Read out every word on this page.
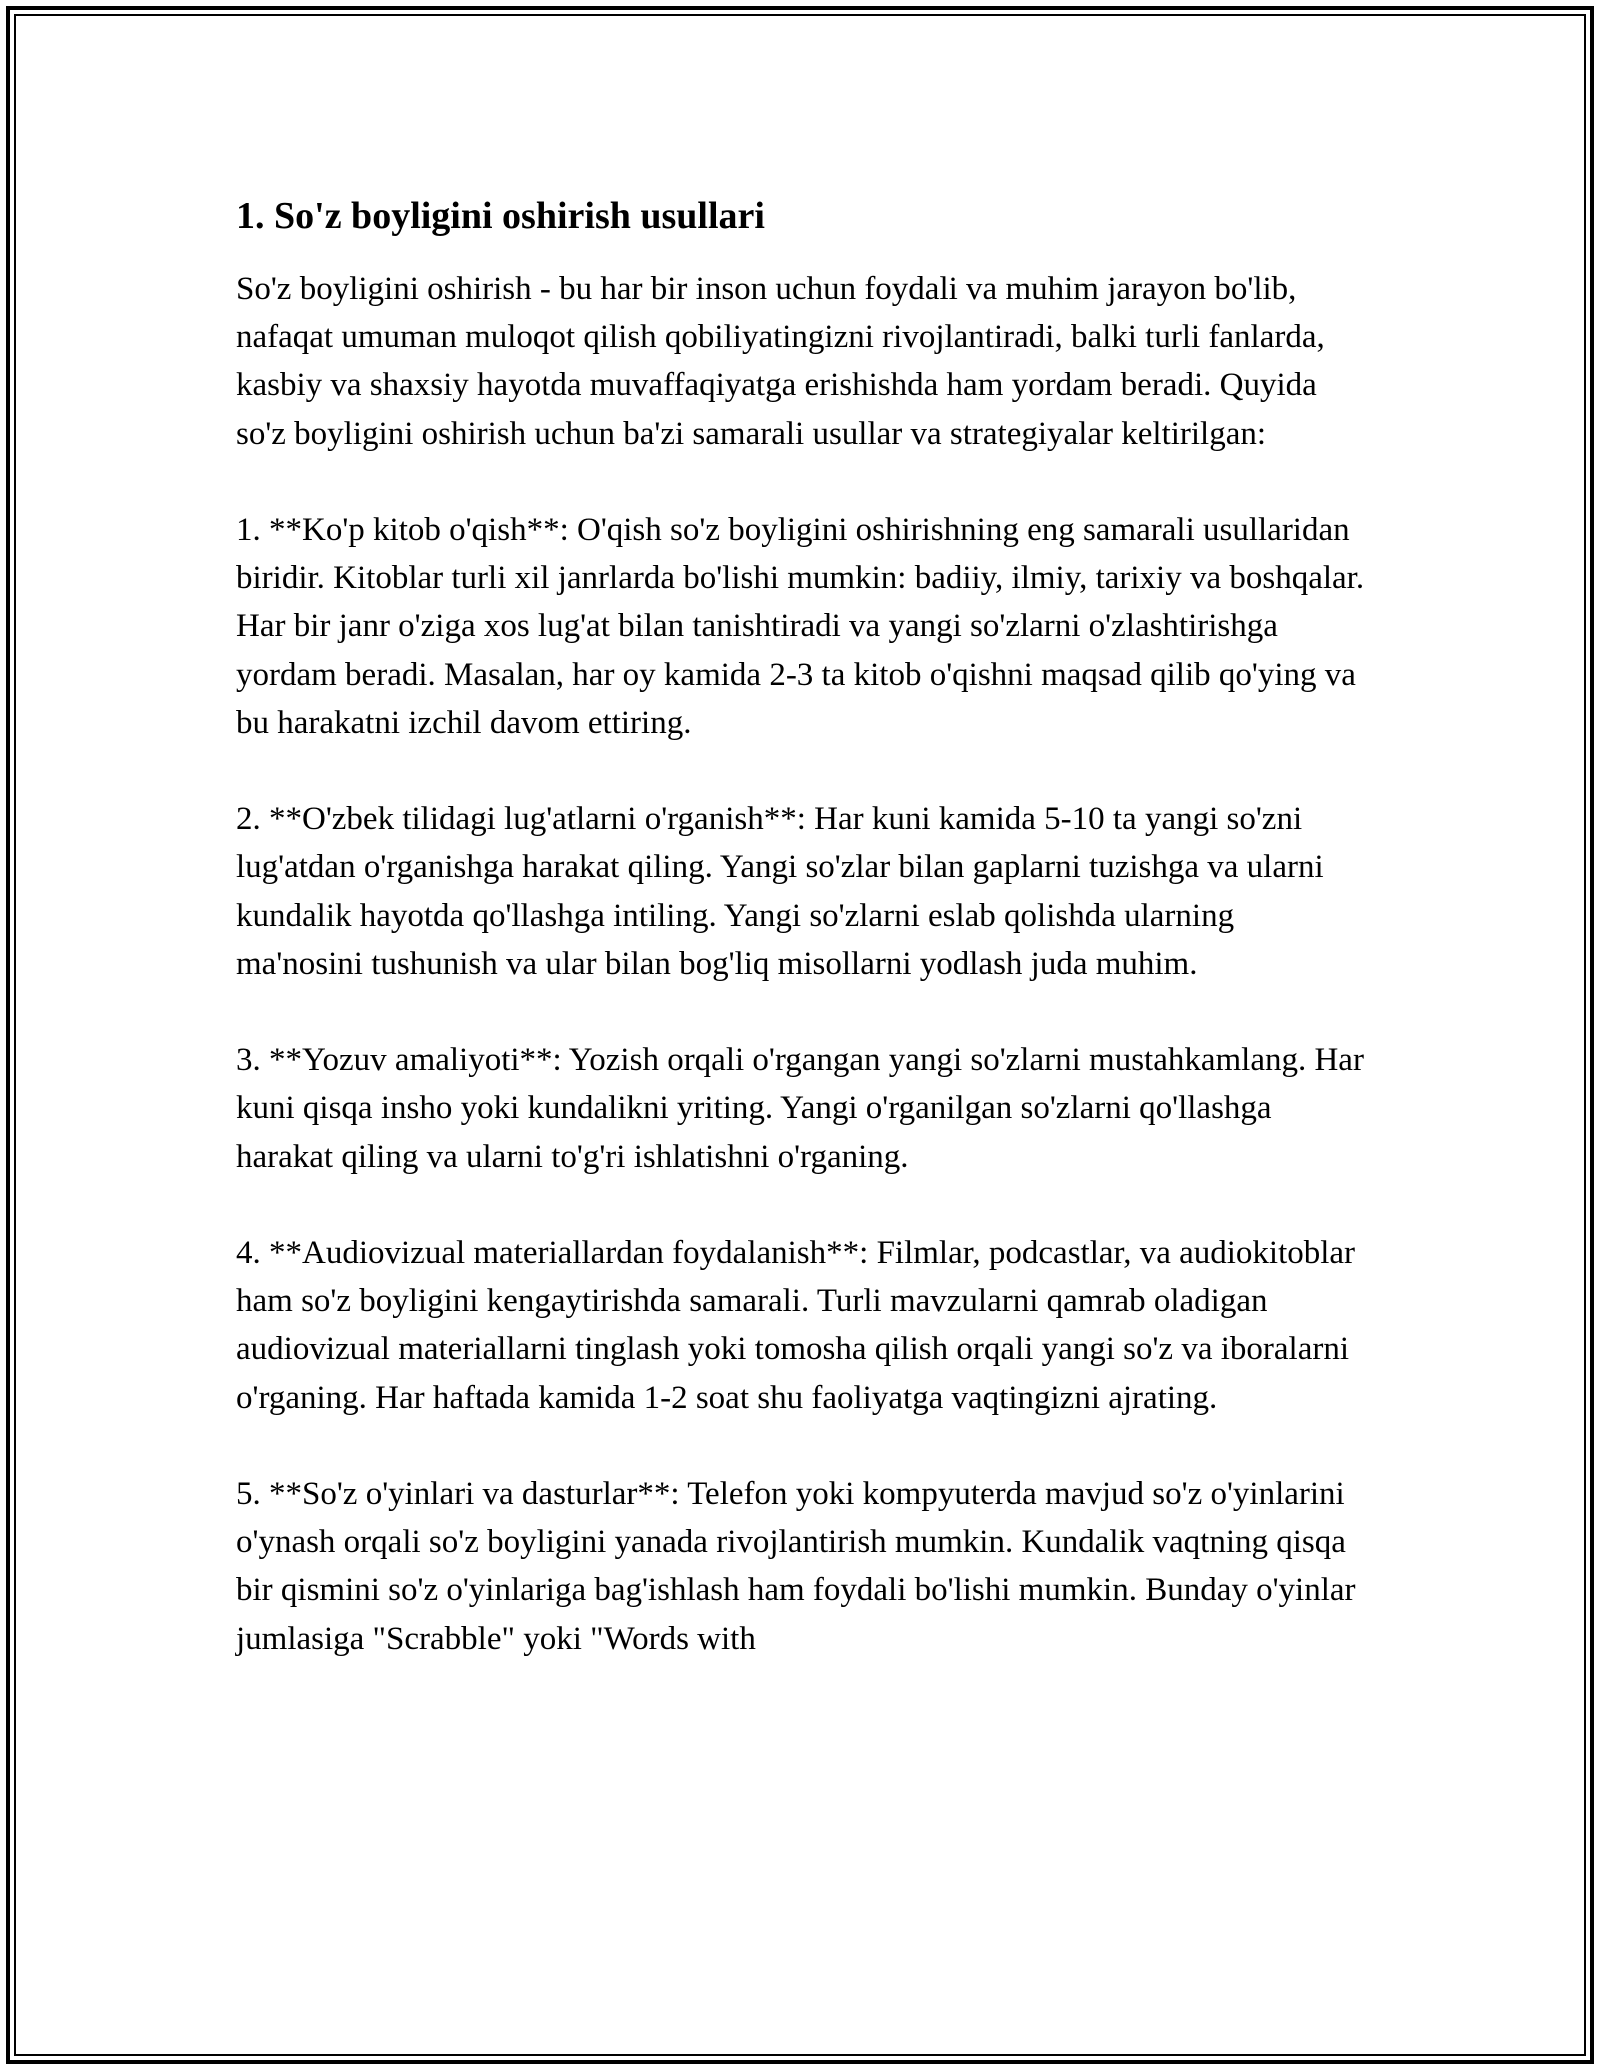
1. So'z boyligini oshirish usullari

So'z boyligini oshirish - bu har bir inson uchun foydali va muhim jarayon bo'lib, nafaqat umuman muloqot qilish qobiliyatingizni rivojlantiradi, balki turli fanlarda, kasbiy va shaxsiy hayotda muvaffaqiyatga erishishda ham yordam beradi. Quyida so'z boyligini oshirish uchun ba'zi samarali usullar va strategiyalar keltirilgan:

1. **Ko'p kitob o'qish**: O'qish so'z boyligini oshirishning eng samarali usullaridan biridir. Kitoblar turli xil janrlarda bo'lishi mumkin: badiiy, ilmiy, tarixiy va boshqalar. Har bir janr o'ziga xos lug'at bilan tanishtiradi va yangi so'zlarni o'zlashtirishga yordam beradi. Masalan, har oy kamida 2-3 ta kitob o'qishni maqsad qilib qo'ying va bu harakatni izchil davom ettiring.

2. **O'zbek tilidagi lug'atlarni o'rganish**: Har kuni kamida 5-10 ta yangi so'zni lug'atdan o'rganishga harakat qiling. Yangi so'zlar bilan gaplarni tuzishga va ularni kundalik hayotda qo'llashga intiling. Yangi so'zlarni eslab qolishda ularning ma'nosini tushunish va ular bilan bog'liq misollarni yodlash juda muhim.

3. **Yozuv amaliyoti**: Yozish orqali o'rgangan yangi so'zlarni mustahkamlang. Har kuni qisqa insho yoki kundalikni yriting. Yangi o'rganilgan so'zlarni qo'llashga harakat qiling va ularni to'g'ri ishlatishni o'rganing.

4. **Audiovizual materiallardan foydalanish**: Filmlar, podcastlar, va audiokitoblar ham so'z boyligini kengaytirishda samarali. Turli mavzularni qamrab oladigan audiovizual materiallarni tinglash yoki tomosha qilish orqali yangi so'z va iboralarni o'rganing. Har haftada kamida 1-2 soat shu faoliyatga vaqtingizni ajrating.

5. **So'z o'yinlari va dasturlar**: Telefon yoki kompyuterda mavjud so'z o'yinlarini o'ynash orqali so'z boyligini yanada rivojlantirish mumkin. Kundalik vaqtning qisqa bir qismini so'z o'yinlariga bag'ishlash ham foydali bo'lishi mumkin. Bunday o'yinlar jumlasiga "Scrabble" yoki "Words with
